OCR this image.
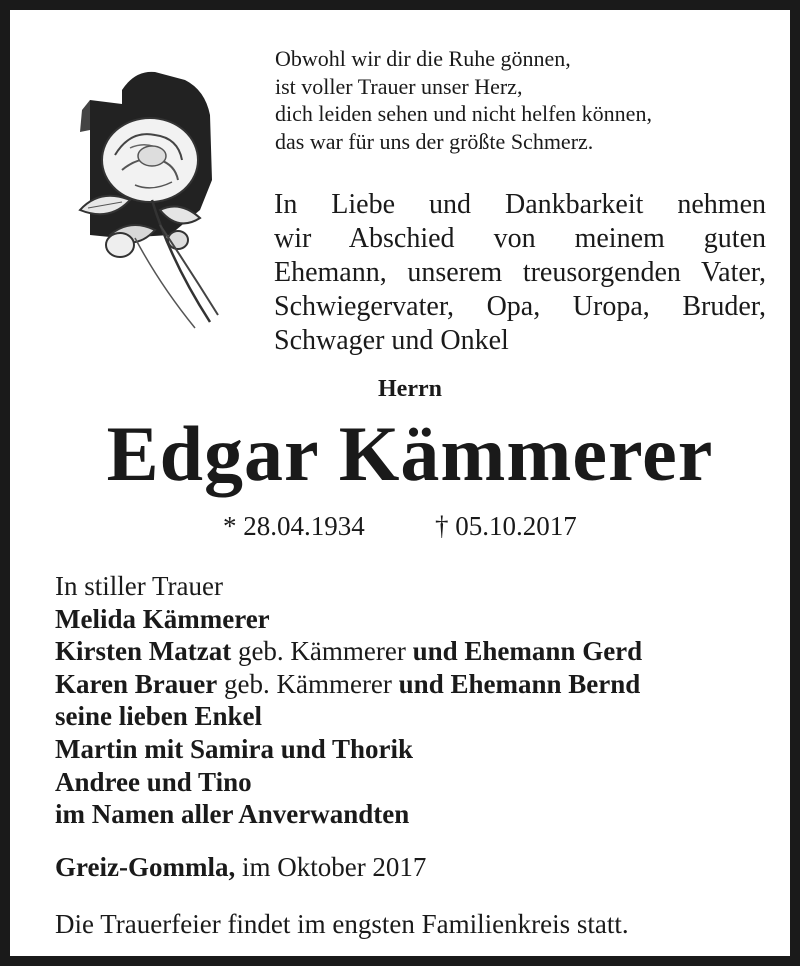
Obwohl wir dir die Ruhe gönnen,
ist voller Trauer unser Herz,
dich leiden sehen und nicht helfen können,
das war für uns der größte Schmerz.
In Liebe und Dankbarkeit nehmen
wir Abschied von meinem guten
Ehemann, unserem treusorgenden Vater,
Schwiegervater, Opa, Uropa, Bruder,
Schwager und Onkel
Herrn
Edgar Kämmerer
* 28.04.1934	† 05.10.2017
In stiller Trauer
Melida Kämmerer
Kirsten Matzat geb. Kämmerer und Ehemann Gerd
Karen Brauer geb. Kämmerer und Ehemann Bernd
seine lieben Enkel
Martin mit Samira und Thorik
Andree und Tino
im Namen aller Anverwandten
Greiz-Gommla, im Oktober 2017
Die Trauerfeier findet im engsten Familienkreis statt.
